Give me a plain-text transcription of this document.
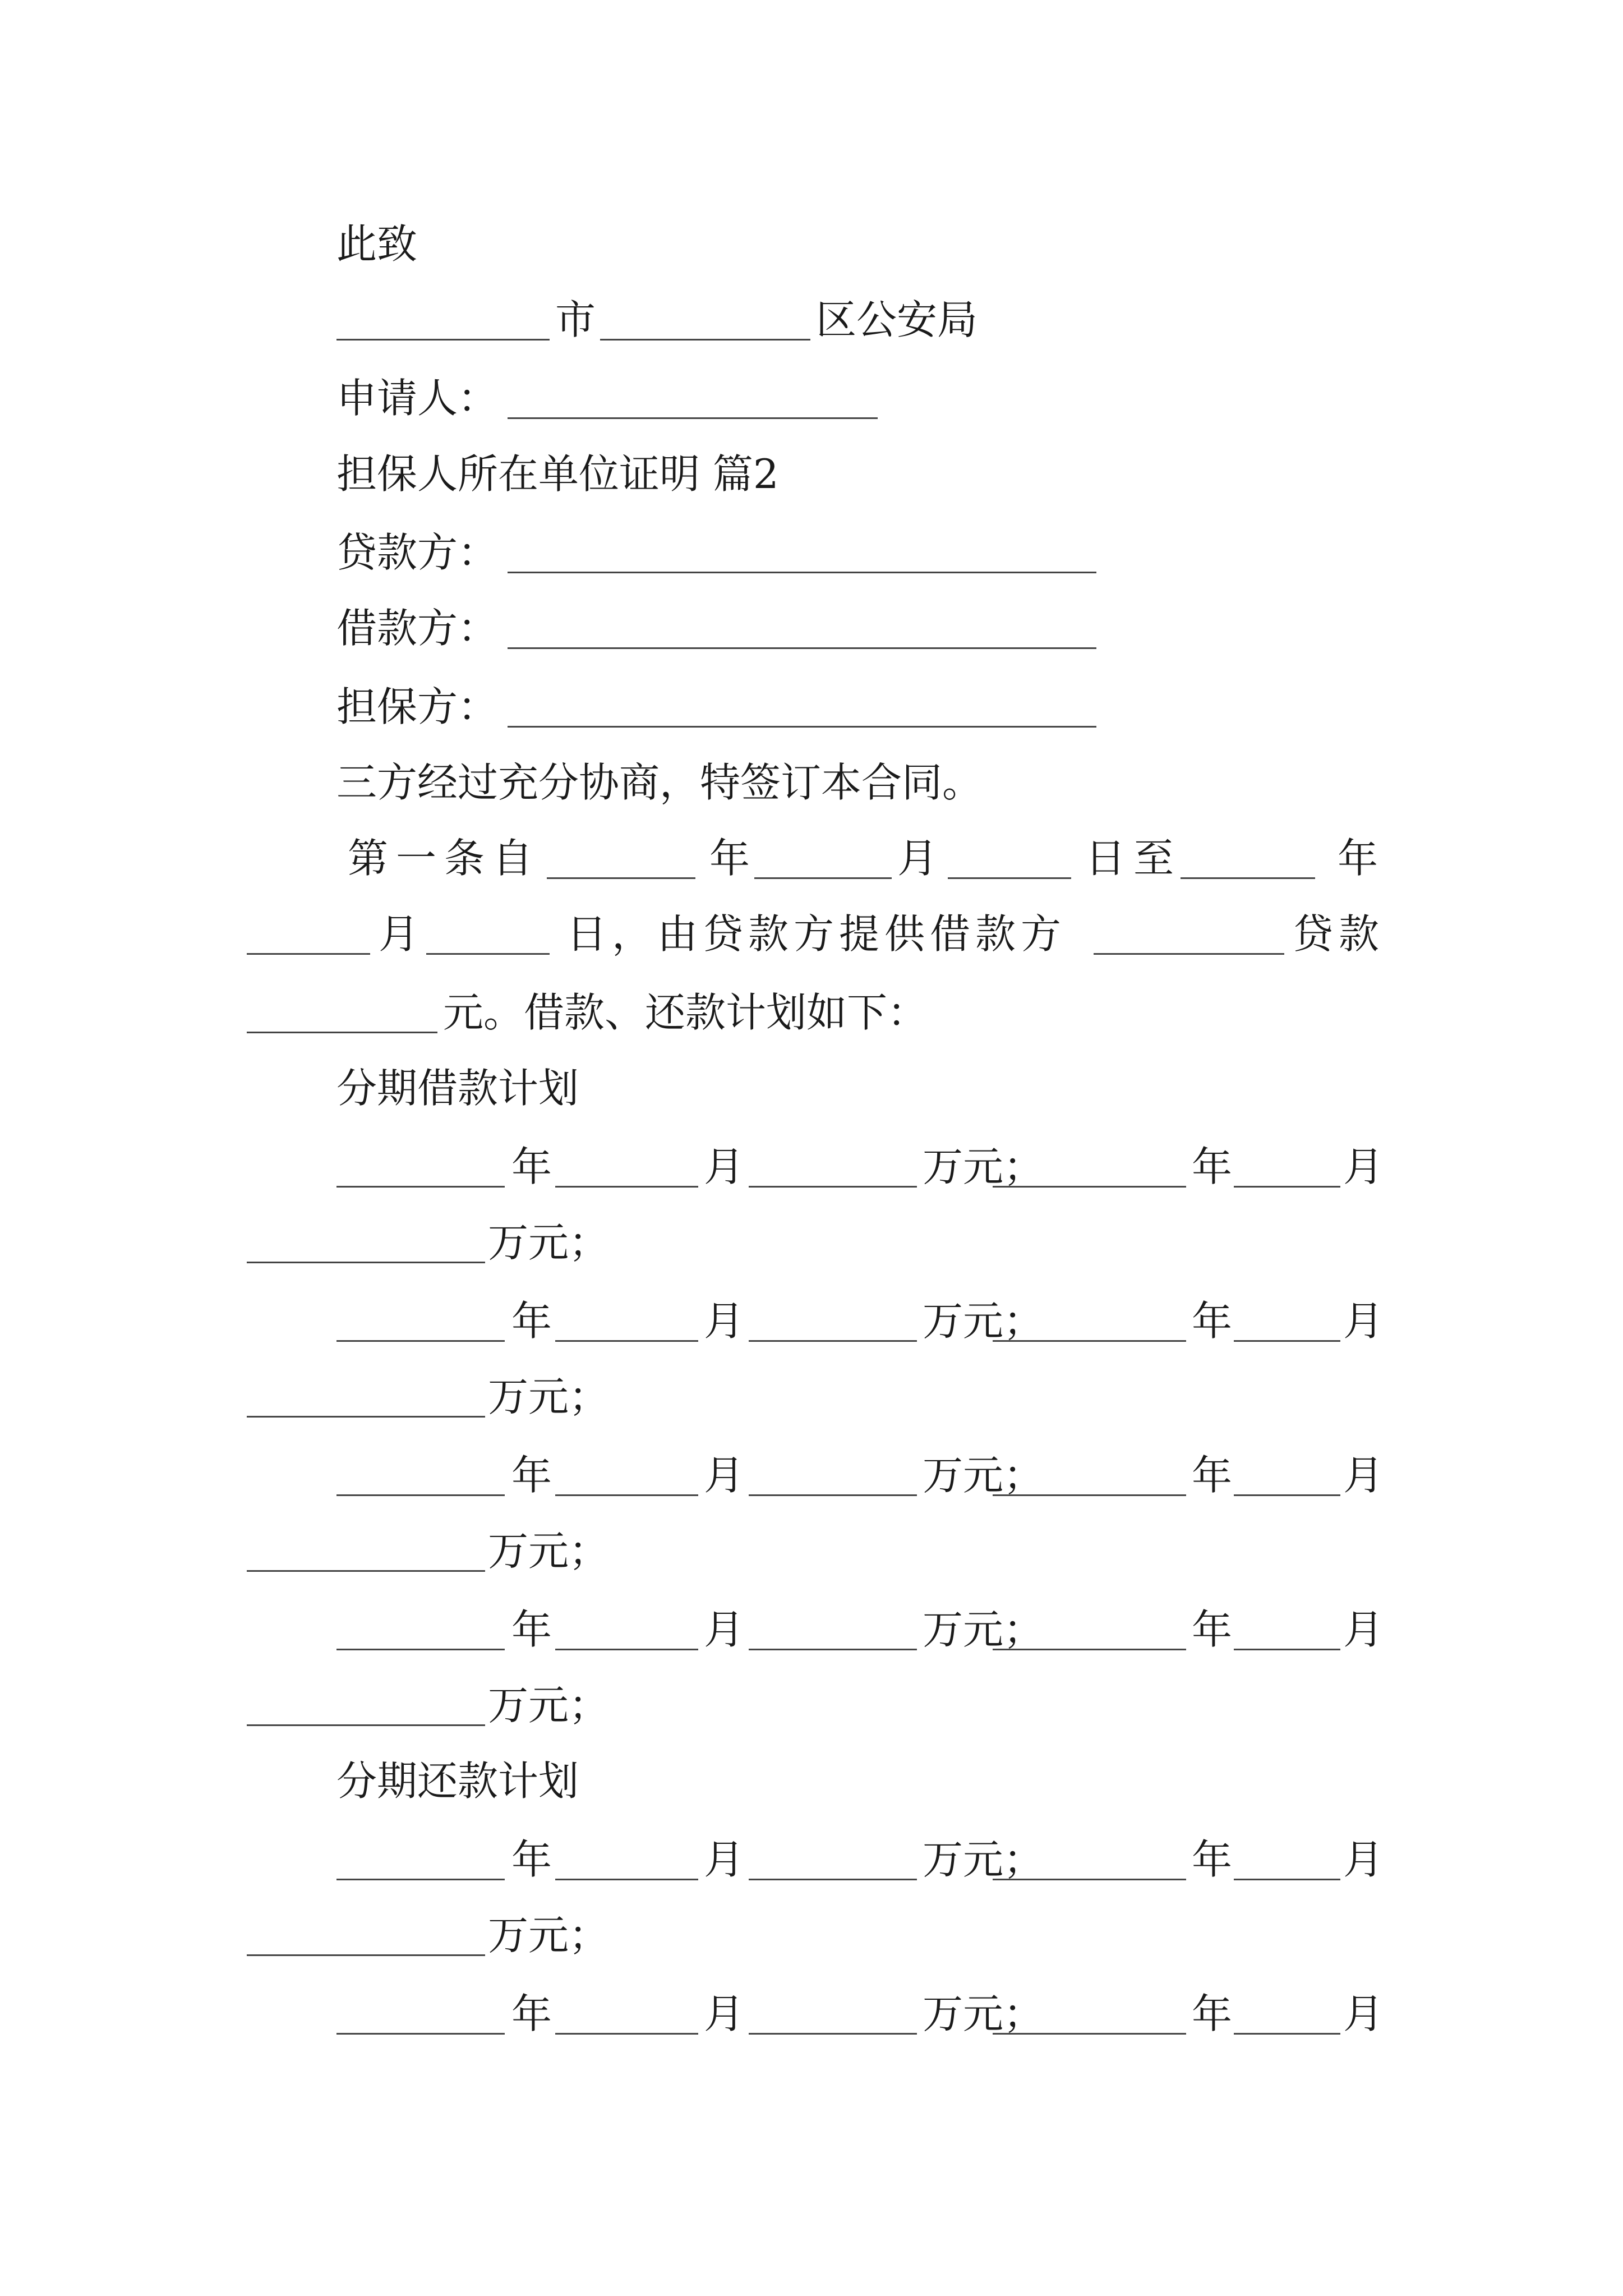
此致
市	区公安局
申请人：
担保人所在单位证明 篇2
贷款方：
借款方：
担保方：
三方经过充分协商，特签订本合同。
第一条自	年	月	日至	年
月	日，由贷款方提供借款方	贷款
元。借款、还款计划如下：
分期借款计划
年	月	万元；	年	月
万元；
年	月	万元；	年	月
万元；
年	月	万元；	年	月
万元；
年	月	万元；	年	月
万元；
分期还款计划
年	月	万元；	年	月
万元；
年	月	万元；	年	月
